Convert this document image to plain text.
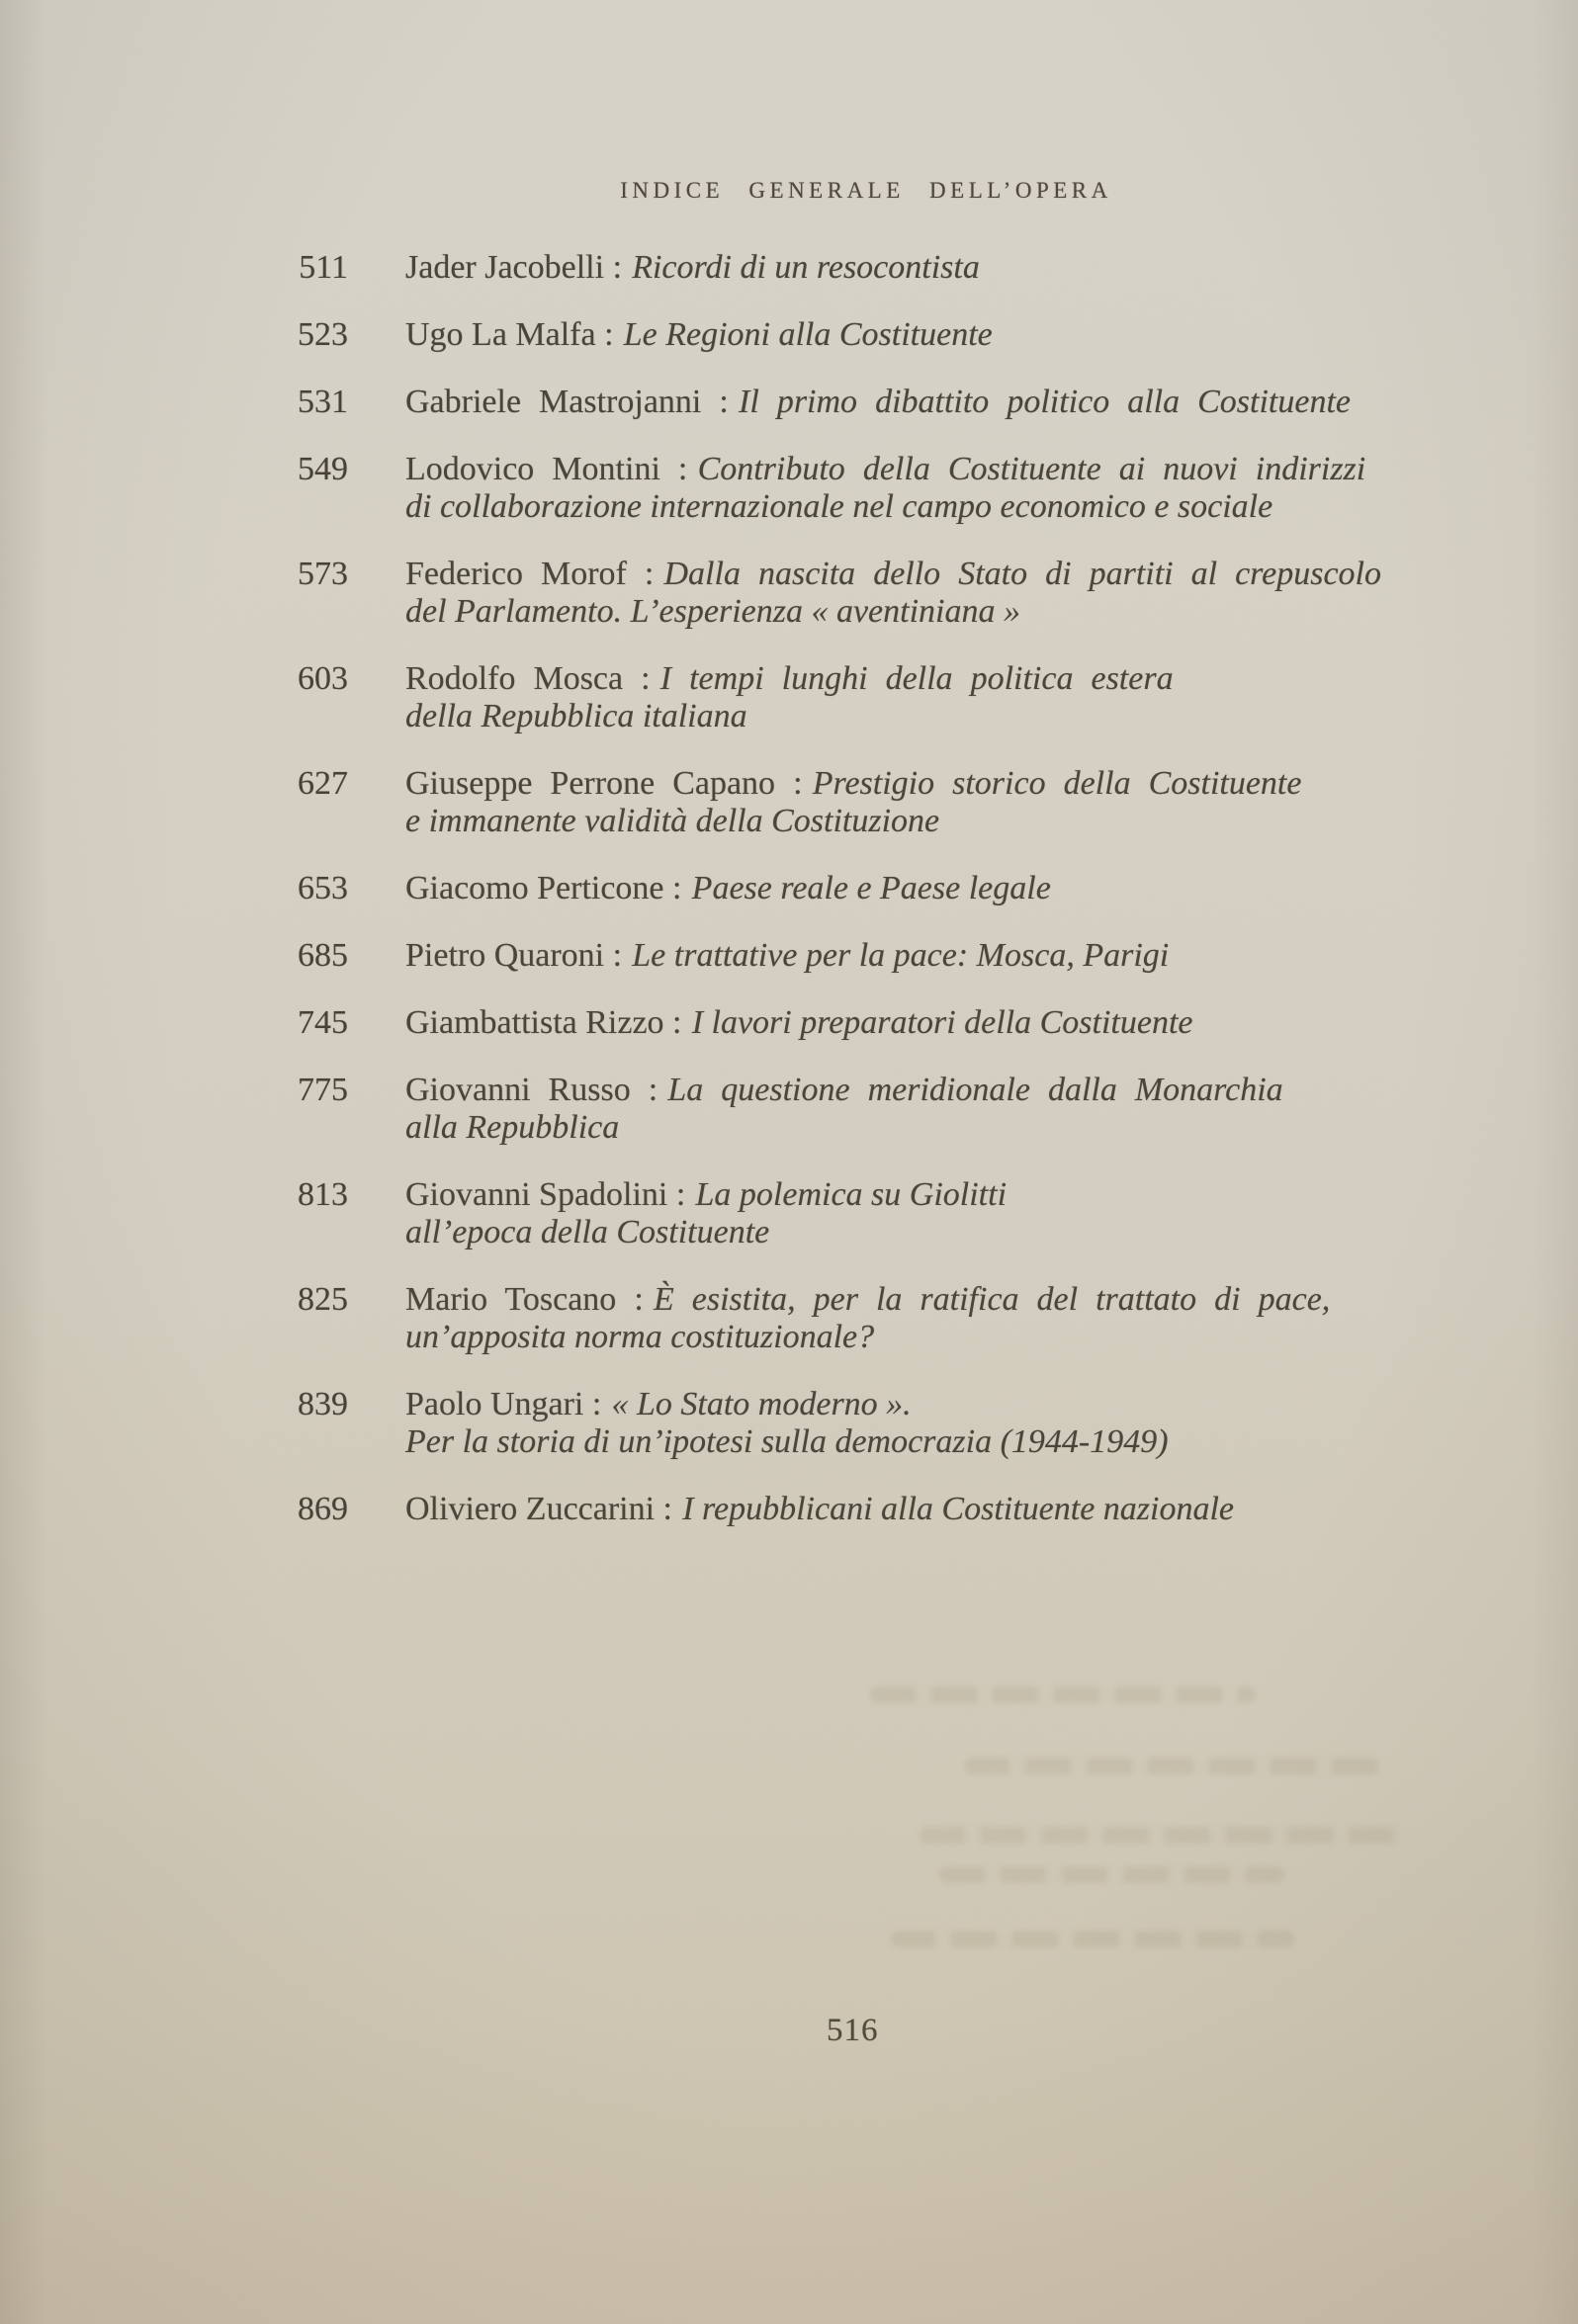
INDICE GENERALE DELL’OPERA
511 Jader Jacobelli : Ricordi di un resocontista
523 Ugo La Malfa : Le Regioni alla Costituente
531 Gabriele Mastrojanni : Il primo dibattito politico alla Costituente
549 Lodovico Montini : Contributo della Costituente ai nuovi indirizzi
di collaborazione internazionale nel campo economico e sociale
573 Federico Morof : Dalla nascita dello Stato di partiti al crepuscolo
del Parlamento. L’esperienza « aventiniana »
603 Rodolfo Mosca : I tempi lunghi della politica estera
della Repubblica italiana
627 Giuseppe Perrone Capano : Prestigio storico della Costituente
e immanente validità della Costituzione
653 Giacomo Perticone : Paese reale e Paese legale
685 Pietro Quaroni : Le trattative per la pace: Mosca, Parigi
745 Giambattista Rizzo : I lavori preparatori della Costituente
775 Giovanni Russo : La questione meridionale dalla Monarchia
alla Repubblica
813 Giovanni Spadolini : La polemica su Giolitti
all’epoca della Costituente
825 Mario Toscano : È esistita, per la ratifica del trattato di pace,
un’apposita norma costituzionale?
839 Paolo Ungari : « Lo Stato moderno ».
Per la storia di un’ipotesi sulla democrazia (1944-1949)
869 Oliviero Zuccarini : I repubblicani alla Costituente nazionale
516
